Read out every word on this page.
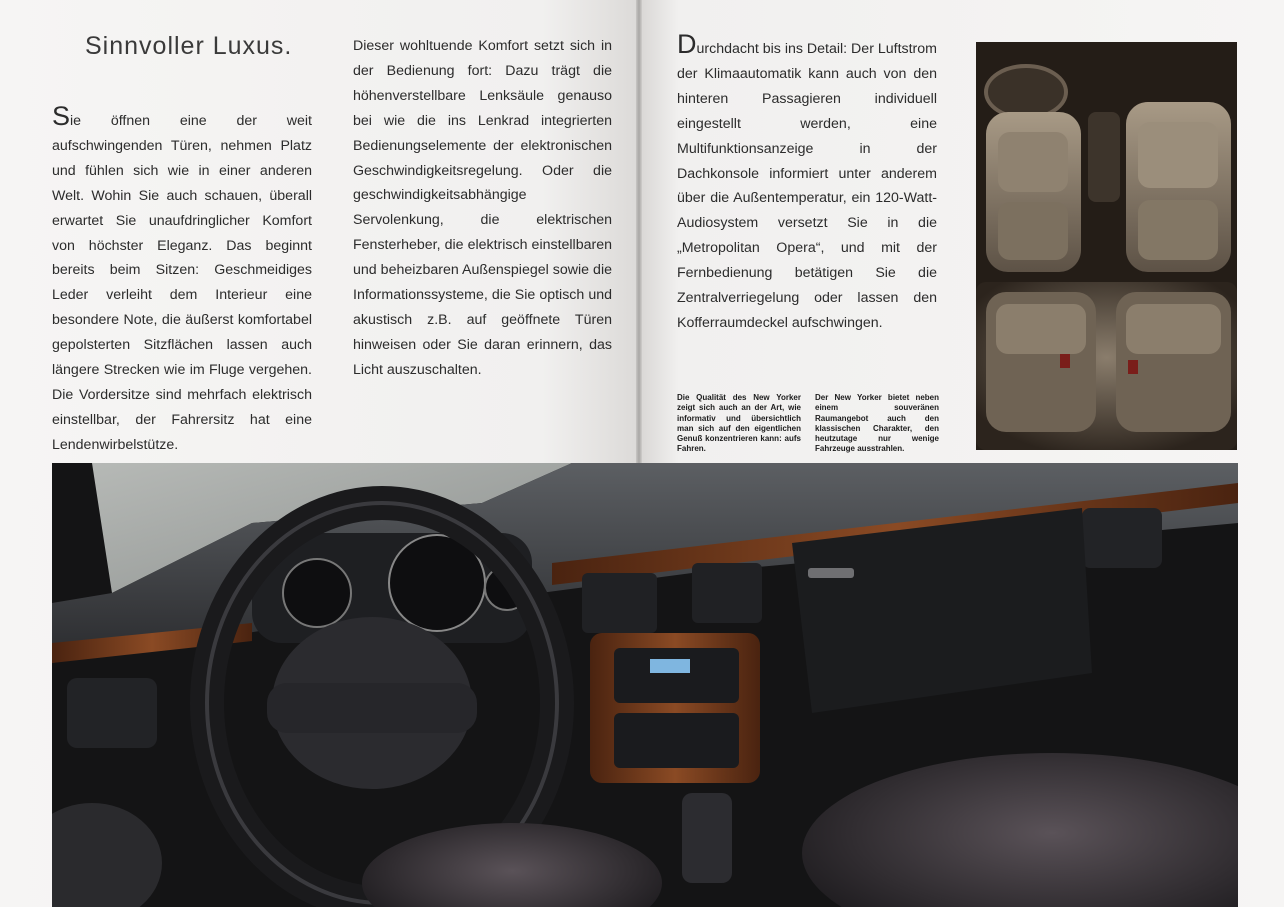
Sinnvoller Luxus.

Sie öffnen eine der weit aufschwingenden Türen, nehmen Platz und fühlen sich wie in einer anderen Welt. Wohin Sie auch schauen, überall erwartet Sie unaufdringlicher Komfort von höchster Eleganz. Das beginnt bereits beim Sitzen: Geschmeidiges Leder verleiht dem Interieur eine besondere Note, die äußerst komfortabel gepolsterten Sitzflächen lassen auch längere Strecken wie im Fluge vergehen. Die Vordersitze sind mehrfach elektrisch einstellbar, der Fahrersitz hat eine Lendenwirbelstütze.

Dieser wohltuende Komfort setzt sich in der Bedienung fort: Dazu trägt die höhenverstellbare Lenksäule genauso bei wie die ins Lenkrad integrierten Bedienungselemente der elektronischen Geschwindigkeitsregelung. Oder die geschwindigkeitsabhängige Servolenkung, die elektrischen Fensterheber, die elektrisch einstellbaren und beheizbaren Außenspiegel sowie die Informationssysteme, die Sie optisch und akustisch z.B. auf geöffnete Türen hinweisen oder Sie daran erinnern, das Licht auszuschalten.

Durchdacht bis ins Detail: Der Luftstrom der Klimaautomatik kann auch von den hinteren Passagieren individuell eingestellt werden, eine Multifunktionsanzeige in der Dachkonsole informiert unter anderem über die Außentemperatur, ein 120-Watt-Audiosystem versetzt Sie in die „Metropolitan Opera“, und mit der Fernbedienung betätigen Sie die Zentralverriegelung oder lassen den Kofferraumdeckel aufschwingen.

Die Qualität des New Yorker zeigt sich auch an der Art, wie informativ und übersichtlich man sich auf den eigentlichen Genuß konzentrieren kann: aufs Fahren.

Der New Yorker bietet neben einem souveränen Raumangebot auch den klassischen Charakter, den heutzutage nur wenige Fahrzeuge ausstrahlen.
